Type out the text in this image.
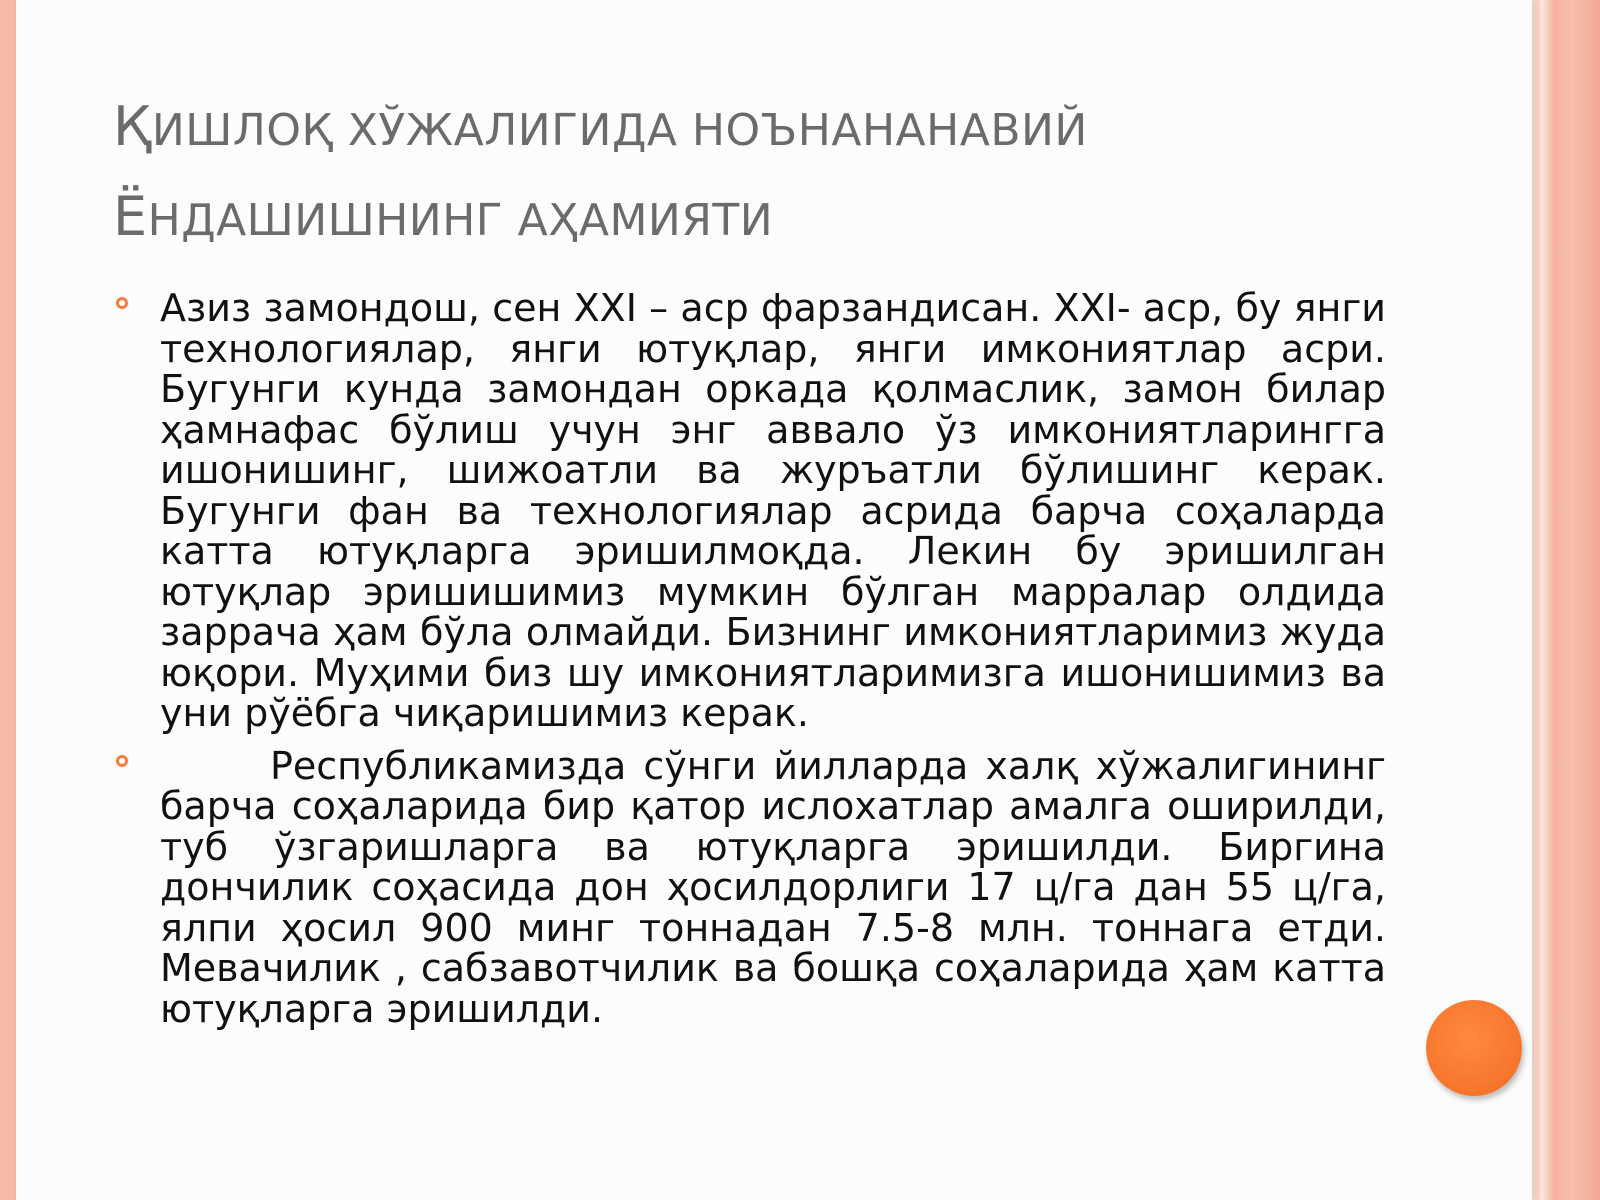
ҚИШЛОҚ ХЎЖАЛИГИДА НОЪНАНАНАВИЙ
ЁНДАШИШНИНГ АҲАМИЯТИ

Азиз замондош, сен XXI – аср фарзандисан. XXI- аср, бу янги технологиялар, янги ютуқлар, янги имкониятлар асри. Бугунги кунда замондан оркада қолмаслик, замон билар ҳамнафас бўлиш учун энг аввало ўз имкониятларингга ишонишинг, шижоатли ва журъатли бўлишинг керак. Бугунги фан ва технологиялар асрида барча соҳаларда катта ютуқларга эришилмоқда. Лекин бу эришилган ютуқлар эришишимиз мумкин бўлган марралар олдида заррача ҳам бўла олмайди. Бизнинг имкониятларимиз жуда юқори. Муҳими биз шу имкониятларимизга ишонишимиз ва уни рўёбга чиқаришимиз керак.

Республикамизда сўнги йилларда халқ хўжалигининг барча соҳаларида бир қатор ислохатлар амалга оширилди, туб ўзгаришларга ва ютуқларга эришилди. Биргина дончилик соҳасида дон ҳосилдорлиги 17 ц/га дан 55 ц/га, ялпи ҳосил 900 минг тоннадан 7.5-8 млн. тоннага етди. Мевачилик , сабзавотчилик ва бошқа соҳаларида ҳам катта ютуқларга эришилди.
